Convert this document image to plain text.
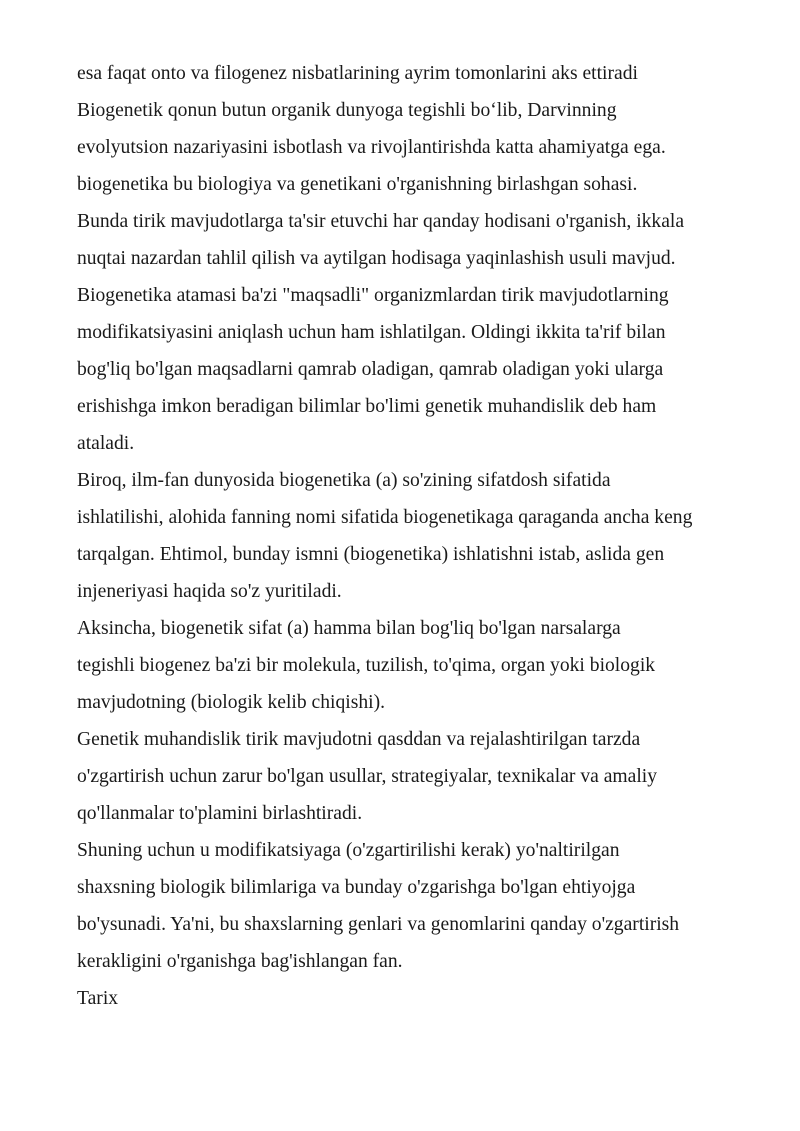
esa faqat onto va filogenez nisbatlarining ayrim tomonlarini aks ettiradi
Biogenetik qonun butun organik dunyoga tegishli bo‘lib, Darvinning
evolyutsion nazariyasini isbotlash va rivojlantirishda katta ahamiyatga ega.
biogenetika bu biologiya va genetikani o'rganishning birlashgan sohasi.
Bunda tirik mavjudotlarga ta'sir etuvchi har qanday hodisani o'rganish, ikkala
nuqtai nazardan tahlil qilish va aytilgan hodisaga yaqinlashish usuli mavjud.
Biogenetika atamasi ba'zi "maqsadli" organizmlardan tirik mavjudotlarning
modifikatsiyasini aniqlash uchun ham ishlatilgan. Oldingi ikkita ta'rif bilan
bog'liq bo'lgan maqsadlarni qamrab oladigan, qamrab oladigan yoki ularga
erishishga imkon beradigan bilimlar bo'limi genetik muhandislik deb ham
ataladi.
Biroq, ilm-fan dunyosida biogenetika (a) so'zining sifatdosh sifatida
ishlatilishi, alohida fanning nomi sifatida biogenetikaga qaraganda ancha keng
tarqalgan. Ehtimol, bunday ismni (biogenetika) ishlatishni istab, aslida gen
injeneriyasi haqida so'z yuritiladi.
Aksincha, biogenetik sifat (a) hamma bilan bog'liq bo'lgan narsalarga
tegishli biogenez ba'zi bir molekula, tuzilish, to'qima, organ yoki biologik
mavjudotning (biologik kelib chiqishi).
Genetik muhandislik tirik mavjudotni qasddan va rejalashtirilgan tarzda
o'zgartirish uchun zarur bo'lgan usullar, strategiyalar, texnikalar va amaliy
qo'llanmalar to'plamini birlashtiradi.
Shuning uchun u modifikatsiyaga (o'zgartirilishi kerak) yo'naltirilgan
shaxsning biologik bilimlariga va bunday o'zgarishga bo'lgan ehtiyojga
bo'ysunadi. Ya'ni, bu shaxslarning genlari va genomlarini qanday o'zgartirish
kerakligini o'rganishga bag'ishlangan fan.
Tarix
